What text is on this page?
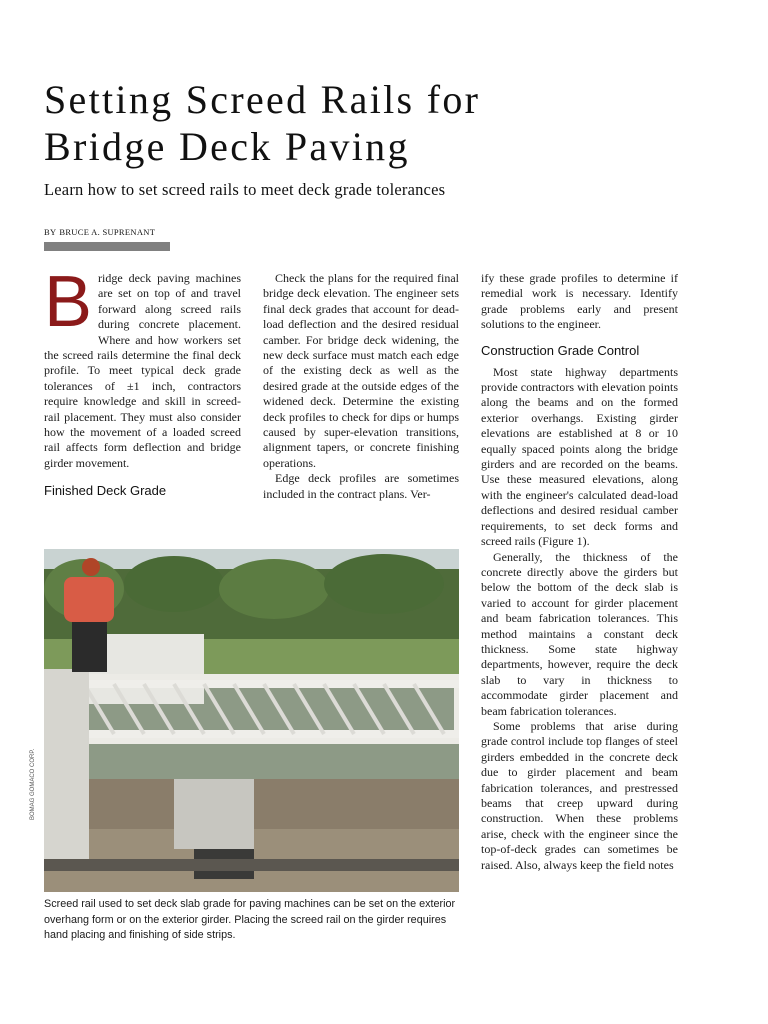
Setting Screed Rails for
Bridge Deck Paving

Learn how to set screed rails to meet deck grade tolerances

BY BRUCE A. SUPRENANT
B ridge deck paving machines are set on top of and travel forward along screed rails during concrete placement. Where and how workers set the screed rails determine the final deck profile. To meet typical deck grade tolerances of ±1 inch, contractors require knowledge and skill in screed-rail placement. They must also consider how the movement of a loaded screed rail affects form deflection and bridge girder movement.

Finished Deck Grade

Check the plans for the required final bridge deck elevation. The engineer sets final deck grades that account for dead-load deflection and the desired residual camber. For bridge deck widening, the new deck surface must match each edge of the existing deck as well as the desired grade at the outside edges of the widened deck. Determine the existing deck profiles to check for dips or humps caused by super-elevation transitions, alignment tapers, or concrete finishing operations.

Edge deck profiles are sometimes included in the contract plans. Ver-

ify these grade profiles to determine if remedial work is necessary. Identify grade problems early and present solutions to the engineer.

Construction Grade Control

Most state highway departments provide contractors with elevation points along the beams and on the formed exterior overhangs. Existing girder elevations are established at 8 or 10 equally spaced points along the bridge girders and are recorded on the beams. Use these measured elevations, along with the engineer's calculated dead-load deflections and desired residual camber requirements, to set deck forms and screed rails (Figure 1).

Generally, the thickness of the concrete directly above the girders but below the bottom of the deck slab is varied to account for girder placement and beam fabrication tolerances. This method maintains a constant deck thickness. Some state highway departments, however, require the deck slab to vary in thickness to accommodate girder placement and beam fabrication tolerances.

Some problems that arise during grade control include top flanges of steel girders embedded in the concrete deck due to girder placement and beam fabrication tolerances, and prestressed beams that creep upward during construction. When these problems arise, check with the engineer since the top-of-deck grades can sometimes be raised. Also, always keep the field notes

BOMAG GOMACO CORP.

Screed rail used to set deck slab grade for paving machines can be set on the exterior overhang form or on the exterior girder. Placing the screed rail on the girder requires hand placing and finishing of side strips.
